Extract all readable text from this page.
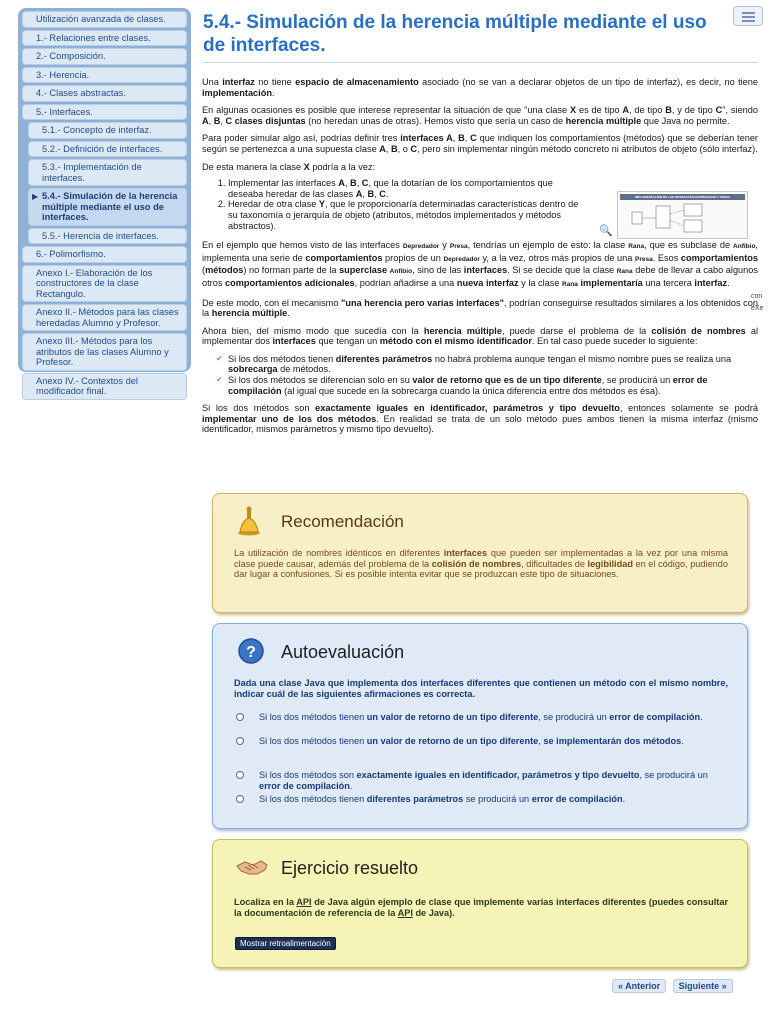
Utilización avanzada de clases.
1.- Relaciones entre clases.
2.- Composición.
3.- Herencia.
4.- Clases abstractas.
5.- Interfaces.
5.1.- Concepto de interfaz.
5.2.- Definición de interfaces.
5.3.- Implementación de interfaces.
▶ 5.4.- Simulación de la herencia múltiple mediante el uso de interfaces.
5.5.- Herencia de interfaces.
6.- Polimorfismo.
Anexo I.- Elaboración de los constructores de la clase Rectangulo.
Anexo II.- Métodos para las clases heredadas Alumno y Profesor.
Anexo III.- Métodos para los atributos de las clases Alumno y Profesor.
Anexo IV.- Contextos del modificador final.
5.4.- Simulación de la herencia múltiple mediante el uso de interfaces.

Una interfaz no tiene espacio de almacenamiento asociado (no se van a declarar objetos de un tipo de interfaz), es decir, no tiene implementación.

En algunas ocasiones es posible que interese representar la situación de que "una clase X es de tipo A, de tipo B, y de tipo C", siendo A, B, C clases disjuntas (no heredan unas de otras). Hemos visto que sería un caso de herencia múltiple que Java no permite.

Para poder simular algo así, podrías definir tres interfaces A, B, C que indiquen los comportamientos (métodos) que se deberían tener según se pertenezca a una supuesta clase A, B, o C, pero sin implementar ningún método concreto ni atributos de objeto (sólo interfaz).

De esta manera la clase X podría a la vez:

1. Implementar las interfaces A, B, C, que la dotarían de los comportamientos que deseaba heredar de las clases A, B, C.
2. Heredar de otra clase Y, que le proporcionaría determinadas características dentro de su taxonomía o jerarquía de objeto (atributos, métodos implementados y métodos abstractos).

En el ejemplo que hemos visto de las interfaces Depredador y Presa, tendrías un ejemplo de esto: la clase Rana, que es subclase de Anfibio, implementa una serie de comportamientos propios de un Depredador y, a la vez, otros más propios de una Presa. Esos comportamientos (métodos) no forman parte de la superclase Anfibio, sino de las interfaces. Si se decide que la clase Rana debe de llevar a cabo algunos otros comportamientos adicionales, podrían añadirse a una nueva interfaz y la clase Rana implementaría una tercera interfaz.

De este modo, con el mecanismo "una herencia pero varias interfaces", podrían conseguirse resultados similares a los obtenidos con la herencia múltiple.

Ahora bien, del mismo modo que sucedía con la herencia múltiple, puede darse el problema de la colisión de nombres al implementar dos interfaces que tengan un método con el mismo identificador. En tal caso puede suceder lo siguiente:

✔ Si los dos métodos tienen diferentes parámetros no habrá problema aunque tengan el mismo nombre pues se realiza una sobrecarga de métodos.
✔ Si los dos métodos se diferencian solo en su valor de retorno que es de un tipo diferente, se producirá un error de compilación (al igual que sucede en la sobrecarga cuando la única diferencia entre dos métodos es ésa).

Si los dos métodos son exactamente iguales en identificador, parámetros y tipo devuelto, entonces solamente se podrá implementar uno de los dos métodos. En realidad se trata de un solo método pues ambos tienen la misma interfaz (mismo identificador, mismos parámetros y mismo tipo devuelto).

IMPLEMENTACIÓN DE LAS INTERFACES DEPREDADOR Y PRESA
🔍
con
eXe
Recomendación
La utilización de nombres idénticos en diferentes interfaces que pueden ser implementadas a la vez por una misma clase puede causar, además del problema de la colisión de nombres, dificultades de legibilidad en el código, pudiendo dar lugar a confusiones. Si es posible intenta evitar que se produzcan este tipo de situaciones.
? Autoevaluación
Dada una clase Java que implementa dos interfaces diferentes que contienen un método con el mismo nombre, indicar cuál de las siguientes afirmaciones es correcta.
Si los dos métodos tienen un valor de retorno de un tipo diferente, se producirá un error de compilación.
Si los dos métodos tienen un valor de retorno de un tipo diferente, se implementarán dos métodos.
Si los dos métodos son exactamente iguales en identificador, parámetros y tipo devuelto, se producirá un error de compilación.
Si los dos métodos tienen diferentes parámetros se producirá un error de compilación.
Ejercicio resuelto
Localiza en la API de Java algún ejemplo de clase que implemente varias interfaces diferentes (puedes consultar la documentación de referencia de la API de Java).
Mostrar retroalimentación
« Anterior Siguiente »
